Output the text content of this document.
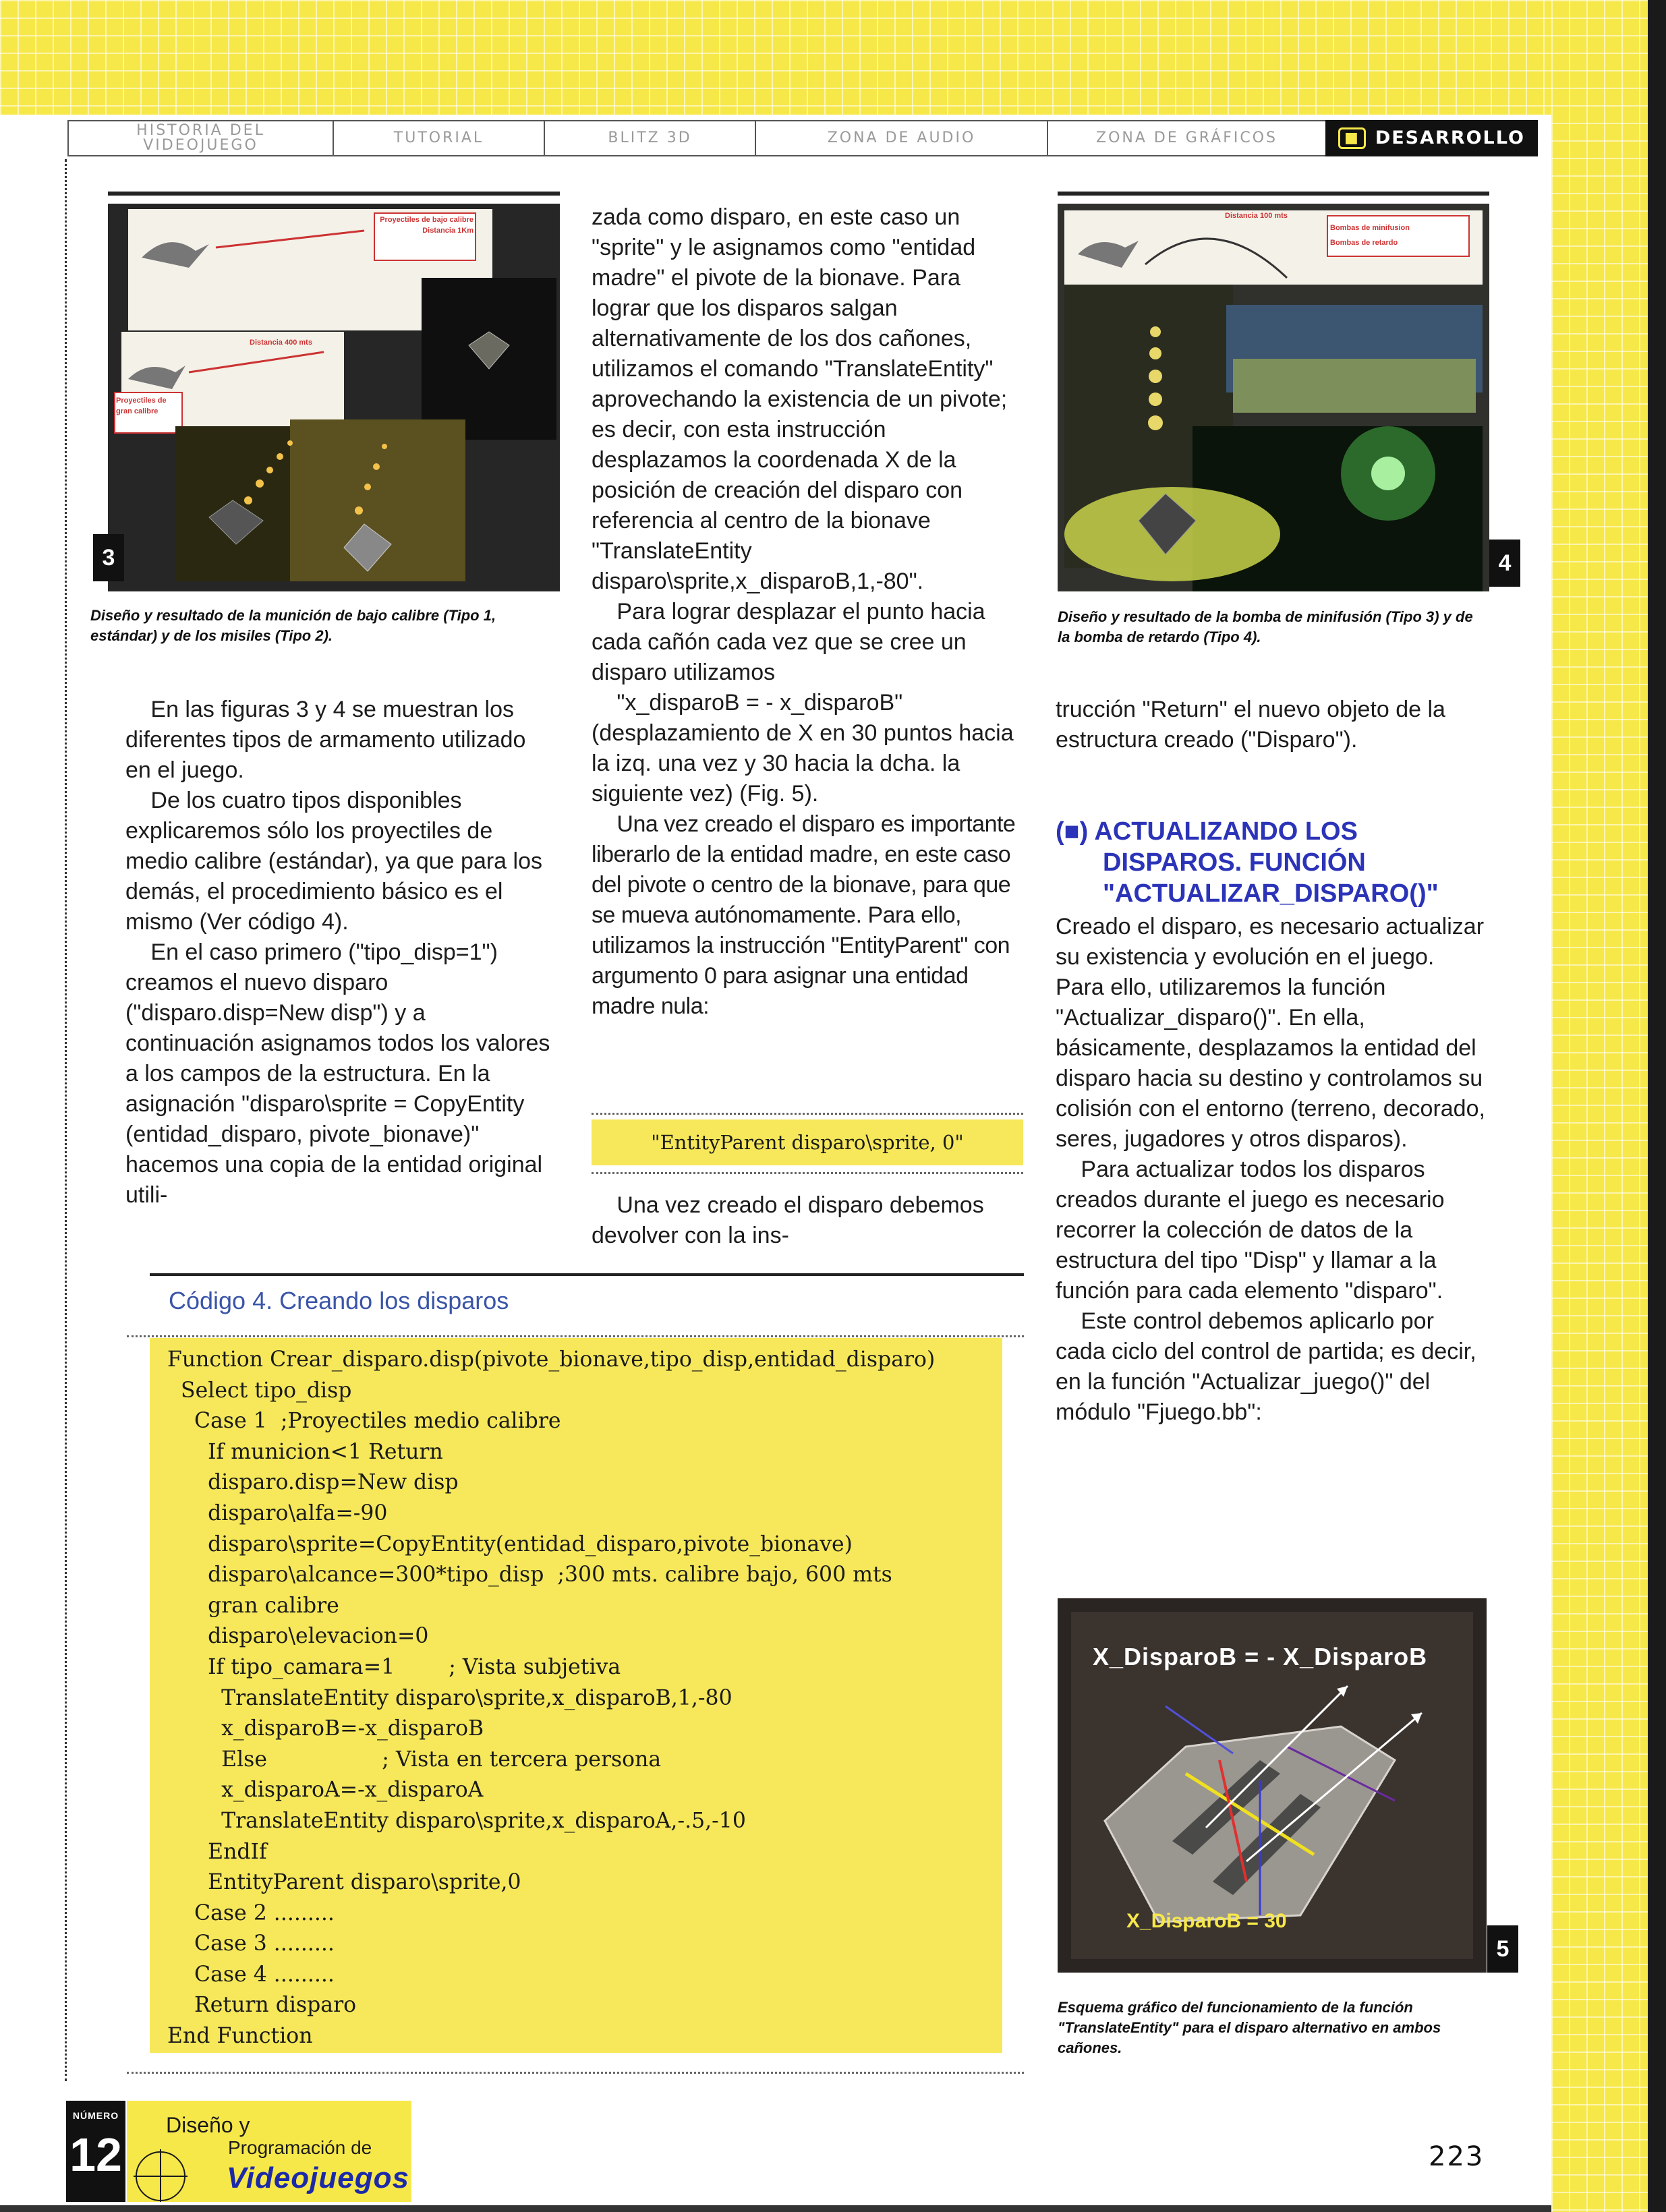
HISTORIA DEL VIDEOJUEGO	TUTORIAL	BLITZ 3D	ZONA DE AUDIO	ZONA DE GRÁFICOS	■ DESARROLLO
Proyectiles de bajo calibre
Distancia 1Km
Distancia 400 mts
Proyectiles de gran calibre
3
Diseño y resultado de la munición de bajo calibre (Tipo 1, estándar) y de los misiles (Tipo 2).
Distancia 100 mts
Bombas de minifusion
Bombas de retardo
4
Diseño y resultado de la bomba de minifusión (Tipo 3) y de la bomba de retardo (Tipo 4).

En las figuras 3 y 4 se muestran los diferentes tipos de armamento utilizado en el juego.

De los cuatro tipos disponibles explicaremos sólo los proyectiles de medio calibre (estándar), ya que para los demás, el procedimiento básico es el mismo (Ver código 4).

En el caso primero ("tipo_disp=1") creamos el nuevo disparo ("disparo.disp=New disp") y a continuación asignamos todos los valores a los campos de la estructura. En la asignación "disparo\sprite = CopyEntity (entidad_disparo, pivote_bionave)" hacemos una copia de la entidad original utili-

zada como disparo, en este caso un "sprite" y le asignamos como "entidad madre" el pivote de la bionave. Para lograr que los disparos salgan alternativamente de los dos cañones, utilizamos el comando "TranslateEntity" aprovechando la existencia de un pivote; es decir, con esta instrucción desplazamos la coordenada X de la posición de creación del disparo con referencia al centro de la bionave "TranslateEntity disparo\sprite,x_disparoB,1,-80".

Para lograr desplazar el punto hacia cada cañón cada vez que se cree un disparo utilizamos

"x_disparoB = - x_disparoB" (desplazamiento de X en 30 puntos hacia la izq. una vez y 30 hacia la dcha. la siguiente vez) (Fig. 5).

Una vez creado el disparo es importante liberarlo de la entidad madre, en este caso del pivote o centro de la bionave, para que se mueva autónomamente. Para ello, utilizamos la instrucción "EntityParent" con argumento 0 para asignar una entidad madre nula:

"EntityParent disparo\sprite, 0"

Una vez creado el disparo debemos devolver con la ins-

trucción "Return" el nuevo objeto de la estructura creado ("Disparo").

(■) ACTUALIZANDO LOS
DISPAROS. FUNCIÓN
"ACTUALIZAR_DISPARO()"

Creado el disparo, es necesario actualizar su existencia y evolución en el juego. Para ello, utilizaremos la función "Actualizar_disparo()". En ella, básicamente, desplazamos la entidad del disparo hacia su destino y controlamos su colisión con el entorno (terreno, decorado, seres, jugadores y otros disparos).

Para actualizar todos los disparos creados durante el juego es necesario recorrer la colección de datos de la estructura del tipo "Disp" y llamar a la función para cada elemento "disparo".

Este control debemos aplicarlo por cada ciclo del control de partida; es decir, en la función "Actualizar_juego()" del módulo "Fjuego.bb":

X_DisparoB = - X_DisparoB
X_DisparoB = 30
5
Esquema gráfico del funcionamiento de la función "TranslateEntity" para el disparo alternativo en ambos cañones.
Código 4. Creando los disparos
Function Crear_disparo.disp(pivote_bionave,tipo_disp,entidad_disparo)
Select tipo_disp
Case 1  ;Proyectiles medio calibre
If municion<1 Return
disparo.disp=New disp
disparo\alfa=-90
disparo\sprite=CopyEntity(entidad_disparo,pivote_bionave)
disparo\alcance=300*tipo_disp  ;300 mts. calibre bajo, 600 mts
gran calibre
disparo\elevacion=0
If tipo_camara=1        ; Vista subjetiva
TranslateEntity disparo\sprite,x_disparoB,1,-80
x_disparoB=-x_disparoB
Else                 ; Vista en tercera persona
x_disparoA=-x_disparoA
TranslateEntity disparo\sprite,x_disparoA,-.5,-10
EndIf
EntityParent disparo\sprite,0
Case 2 .........
Case 3 .........
Case 4 .........
Return disparo
End Function
NÚMERO
12
Diseño y
Programación de
Videojuegos
223
